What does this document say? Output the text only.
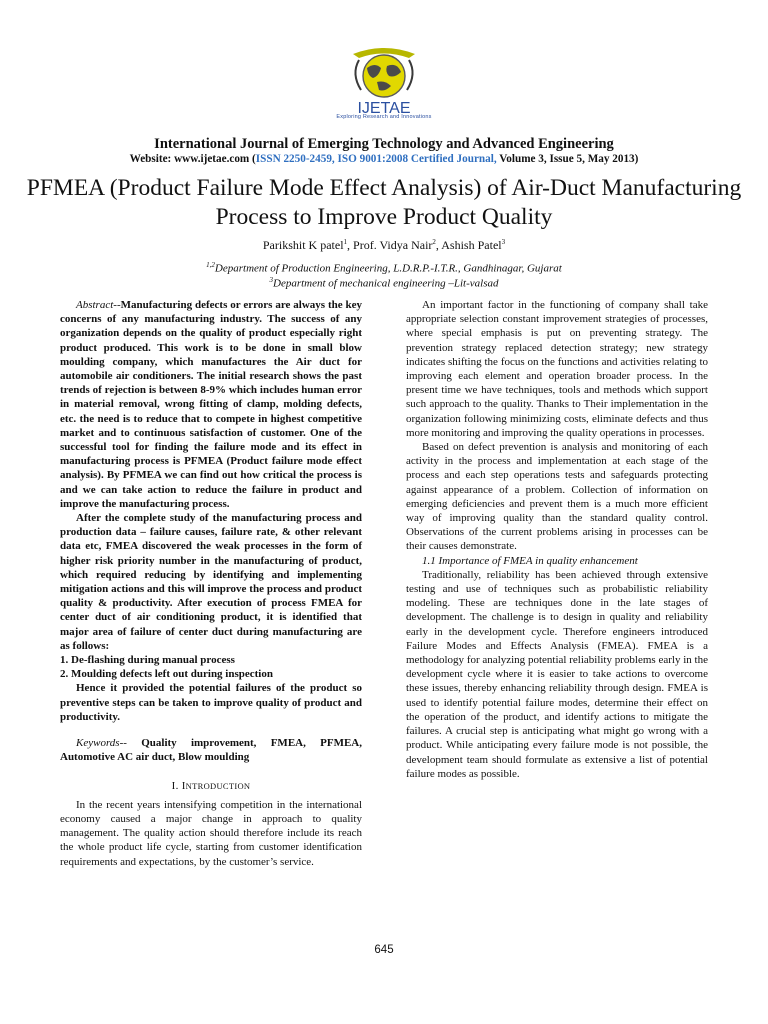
IJETAE
Exploring Research and Innovations
International Journal of Emerging Technology and Advanced Engineering
Website: www.ijetae.com (ISSN 2250-2459, ISO 9001:2008 Certified Journal, Volume 3, Issue 5, May 2013)
PFMEA (Product Failure Mode Effect Analysis) of Air-Duct Manufacturing Process to Improve Product Quality
Parikshit K patel$^1$, Prof. Vidya Nair$^2$, Ashish Patel$^3$
$^{1,2}$Department of Production Engineering, L.D.R.P.-I.T.R., Gandhinagar, Gujarat
$^3$Department of mechanical engineering –Lit-valsad

Abstract--Manufacturing defects or errors are always the key concerns of any manufacturing industry. The success of any organization depends on the quality of product especially right product produced. This work is to be done in small blow moulding company, which manufactures the Air duct for automobile air conditioners. The initial research shows the past trends of rejection is between 8-9% which includes human error in material removal, wrong fitting of clamp, molding defects, etc. the need is to reduce that to compete in highest competitive market and to continuous satisfaction of customer. One of the successful tool for finding the failure mode and its effect in manufacturing process is PFMEA (Product failure mode effect analysis). By PFMEA we can find out how critical the process is and we can take action to reduce the failure in product and improve the manufacturing process.

After the complete study of the manufacturing process and production data – failure causes, failure rate, & other relevant data etc, FMEA discovered the weak processes in the form of higher risk priority number in the manufacturing of product, which required reducing by identifying and implementing mitigation actions and this will improve the process and product quality & productivity. After execution of process FMEA for center duct of air conditioning product, it is identified that major area of failure of center duct during manufacturing are as follows:

1. De-flashing during manual process

2. Moulding defects left out during inspection

Hence it provided the potential failures of the product so preventive steps can be taken to improve quality of product and productivity.

Keywords-- Quality improvement, FMEA, PFMEA, Automotive AC air duct, Blow moulding

I. INTRODUCTION

In the recent years intensifying competition in the international economy caused a major change in approach to quality management. The quality action should therefore include its reach the whole product life cycle, starting from customer identification requirements and expectations, by the customer’s service.

An important factor in the functioning of company shall take appropriate selection constant improvement strategies of processes, where special emphasis is put on preventing strategy. The prevention strategy replaced detection strategy; new strategy indicates shifting the focus on the functions and activities relating to improving each element and operation broader process. In the present time we have techniques, tools and methods which support such approach to the quality. Thanks to Their implementation in the organization following minimizing costs, eliminate defects and thus more monitoring and improving the quality operations in processes.

Based on defect prevention is analysis and monitoring of each activity in the process and implementation at each stage of the process and each step operations tests and safeguards protecting against appearance of a problem. Collection of information on emerging deficiencies and prevent them is a much more efficient way of improving quality than the standard quality control. Observations of the current problems arising in processes can be their causes demonstrate.

1.1 Importance of FMEA in quality enhancement

Traditionally, reliability has been achieved through extensive testing and use of techniques such as probabilistic reliability modeling. These are techniques done in the late stages of development. The challenge is to design in quality and reliability early in the development cycle. Therefore engineers introduced Failure Modes and Effects Analysis (FMEA). FMEA is a methodology for analyzing potential reliability problems early in the development cycle where it is easier to take actions to overcome these issues, thereby enhancing reliability through design. FMEA is used to identify potential failure modes, determine their effect on the operation of the product, and identify actions to mitigate the failures. A crucial step is anticipating what might go wrong with a product. While anticipating every failure mode is not possible, the development team should formulate as extensive a list of potential failure modes as possible.

645
